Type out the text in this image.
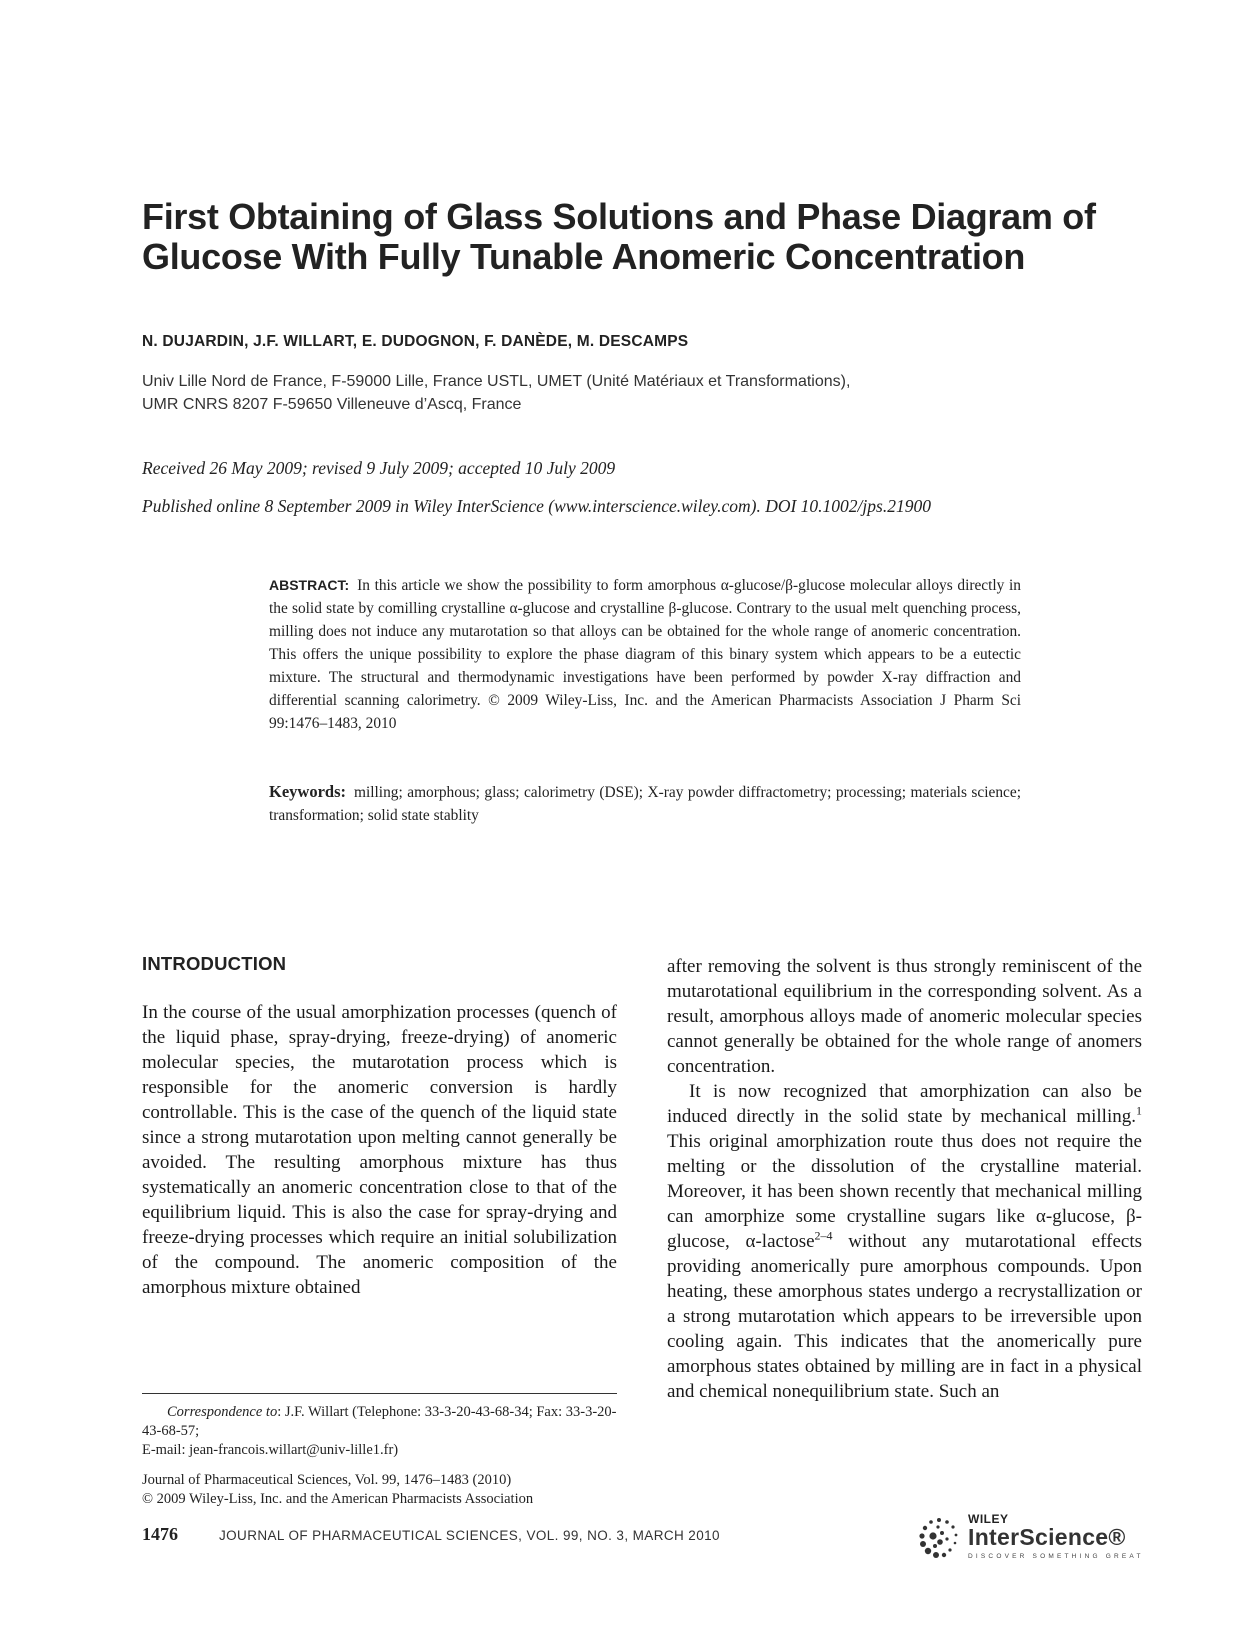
First Obtaining of Glass Solutions and Phase Diagram of
Glucose With Fully Tunable Anomeric Concentration
N. DUJARDIN, J.F. WILLART, E. DUDOGNON, F. DANÈDE, M. DESCAMPS
Univ Lille Nord de France, F-59000 Lille, France USTL, UMET (Unité Matériaux et Transformations),
UMR CNRS 8207 F-59650 Villeneuve d’Ascq, France
Received 26 May 2009; revised 9 July 2009; accepted 10 July 2009
Published online 8 September 2009 in Wiley InterScience (www.interscience.wiley.com). DOI 10.1002/jps.21900
ABSTRACT: In this article we show the possibility to form amorphous α-glucose/β-glucose molecular alloys directly in the solid state by comilling crystalline α-glucose and crystalline β-glucose. Contrary to the usual melt quenching process, milling does not induce any mutarotation so that alloys can be obtained for the whole range of anomeric concentration. This offers the unique possibility to explore the phase diagram of this binary system which appears to be a eutectic mixture. The structural and thermodynamic investigations have been performed by powder X-ray diffraction and differential scanning calorimetry. © 2009 Wiley-Liss, Inc. and the American Pharmacists Association J Pharm Sci 99:1476–1483, 2010
Keywords: milling; amorphous; glass; calorimetry (DSE); X-ray powder diffractometry; processing; materials science; transformation; solid state stablity
INTRODUCTION

In the course of the usual amorphization processes (quench of the liquid phase, spray-drying, freeze-drying) of anomeric molecular species, the mutarotation process which is responsible for the anomeric conversion is hardly controllable. This is the case of the quench of the liquid state since a strong mutarotation upon melting cannot generally be avoided. The resulting amorphous mixture has thus systematically an anomeric concentration close to that of the equilibrium liquid. This is also the case for spray-drying and freeze-drying processes which require an initial solubilization of the compound. The anomeric composition of the amorphous mixture obtained

after removing the solvent is thus strongly reminiscent of the mutarotational equilibrium in the corresponding solvent. As a result, amorphous alloys made of anomeric molecular species cannot generally be obtained for the whole range of anomers concentration.

It is now recognized that amorphization can also be induced directly in the solid state by mechanical milling.$^1$ This original amorphization route thus does not require the melting or the dissolution of the crystalline material. Moreover, it has been shown recently that mechanical milling can amorphize some crystalline sugars like α-glucose, β-glucose, α-lactose$^{2-4}$ without any mutarotational effects providing anomerically pure amorphous compounds. Upon heating, these amorphous states undergo a recrystallization or a strong mutarotation which appears to be irreversible upon cooling again. This indicates that the anomerically pure amorphous states obtained by milling are in fact in a physical and chemical nonequilibrium state. Such an

Correspondence to: J.F. Willart (Telephone: 33-3-20-43-68-34; Fax: 33-3-20-43-68-57;
E-mail: jean-francois.willart@univ-lille1.fr)
Journal of Pharmaceutical Sciences, Vol. 99, 1476–1483 (2010)
© 2009 Wiley-Liss, Inc. and the American Pharmacists Association
1476	JOURNAL OF PHARMACEUTICAL SCIENCES, VOL. 99, NO. 3, MARCH 2010
WILEY
InterScience®
DISCOVER SOMETHING GREAT
